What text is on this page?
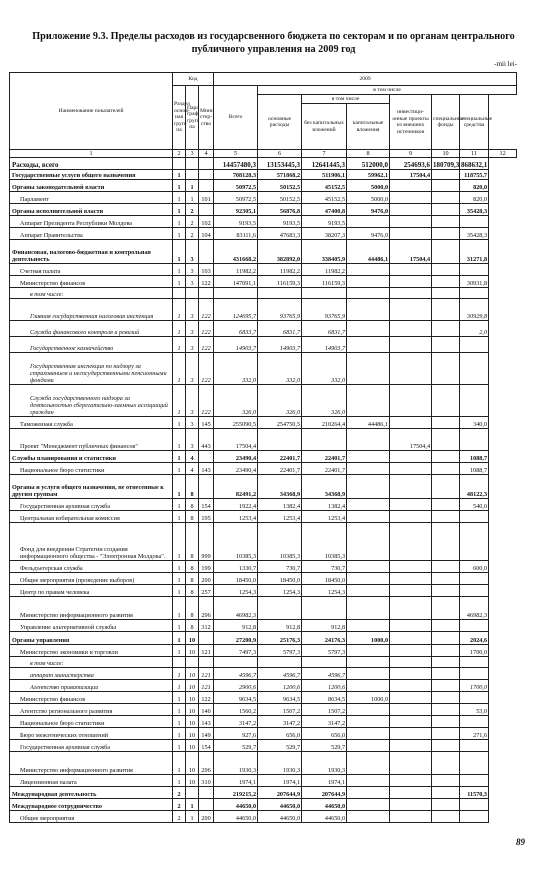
Приложение 9.3. Пределы расходов из государсвенного бюджета по секторам и по органам центрального публичного управления на 2009 год
-mii lei-
Наименование показателей	Код			2009							
	Раздел основ-ная груп-па	Пара граф груп па	Мини стер-ство	Всего	в том числе						
					основные расходы	в том числе		инвестици-онные проекты из внешних источников	специальные фонды	специальные средства	
						без капитальных вложений	капитальные вложения				
1	2	3	4	5	6	7	8	9	10	11	12
Расходы, всего				14457480,3	13153445,3	12641445,3	512000,0	254693,6	180709,3	868632,1	
Государственные услуги общего назначения	1			708128,3	571868,2	511906,1	59962,1	17504,4		118755,7	
Органы законодательной власти	1	1		50972,5	50152,5	45152,5	5000,0			820,0	
Парламент	1	1	101	50972,5	50152,5	45152,5	5000,0			820,0	
Органы исполнительной власти	1	2		92305,1	56876,8	47400,8	9476,0			35428,3	
Аппарат Президента Республики Молдова	1	2	102	9193,5	9193,5	9193,5					
Аппарат Правительства	1	2	104	83111,6	47683,3	38207,3	9476,0			35428,3	
Финансовая, налогово-бюджетная и контрольная деятельность	1	3		431668,2	382892,0	338405,9	44486,1	17504,4		31271,8	
Счетная палата	1	3	103	11982,2	11982,2	11982,2					
Министерство финансов	1	3	122	147091,1	116159,3	116159,3				30931,8	
в том числе:											
Главная государственная налоговая инспекция	1	3	122	124695,7	93765,9	93765,9				30929,8	
Служба финансового контроля и ревизий	1	3	122	6833,7	6831,7	6831,7				2,0	
Государственное казначейство	1	3	122	14903,7	14903,7	14903,7					
Государственная инспекция по надзору за страхованием и негосударственными пенсионными фондами	1	3	122	332,0	332,0	332,0					
Служба государственного надзора за деятельностью сберегательно-заемных ассоциаций граждан	1	3	122	326,0	326,0	326,0					
Таможенная служба	1	3	145	255090,5	254750,5	210264,4	44486,1			340,0	
Проект "Менеджмент публичных финансов"	1	3	443	17504,4				17504,4			
Службы планирования и статистики	1	4		23490,4	22401,7	22401,7				1088,7	
Национальное бюро статистики	1	4	143	23490,4	22401,7	22401,7				1088,7	
Органы и услуги общего назначения, не отнесенные к другим группам	1	8		82491,2	34368,9	34368,9				48122,3	
Государственная архивная служба	1	8	154	1922,4	1382,4	1382,4				540,0	
Центральная избирательная комиссия	1	8	195	1253,4	1253,4	1253,4					
Фонд для внедрения Стратегии создания информационного общества - "Электронная Молдова".	1	8	999	10385,3	10385,3	10385,3					
Фельдъегерская служба	1	8	199	1330,7	730,7	730,7				600,0	
Общие мероприятия (проведение выборов)	1	8	200	18450,0	18450,0	18450,0					
Центр по правам человека	1	8	257	1254,3	1254,3	1254,3					
Министерство информационного развития	1	8	296	46982,3						46982,3	
Управление альтернативной службы	1	8	312	912,8	912,8	912,8					
Органы управления	1	10		27200,9	25176,3	24176,3	1000,0			2024,6	
Министерство экономики и торговли	1	10	121	7497,3	5797,3	5797,3				1700,0	
в том числе:											
аппарат министерства	1	10	121	4596,7	4596,7	4596,7					
Агентство приватизации	1	10	121	2900,6	1200,6	1200,6				1700,0	
Министерство финансов	1	10	122	9634,5	9634,5	8634,5	1000,0				
Агентство регионального развития	1	10	140	1560,2	1507,2	1507,2				53,0	
Национальное бюро статистики	1	10	143	3147,2	3147,2	3147,2					
Бюро межэтнических отношений	1	10	149	927,6	656,0	656,0				271,6	
Государственная архивная служба	1	10	154	529,7	529,7	529,7					
Министерство информационного развития	1	10	296	1930,3	1930,3	1930,3					
Лицензионная палата	1	10	310	1974,1	1974,1	1974,1					
Международная деятельность	2			219215,2	207644,9	207644,9				11570,3	
Международное сотрудничество	2	1		44650,0	44650,0	44650,0					
Общие мероприятия	2	1	200	44650,0	44650,0	44650,0					
89
